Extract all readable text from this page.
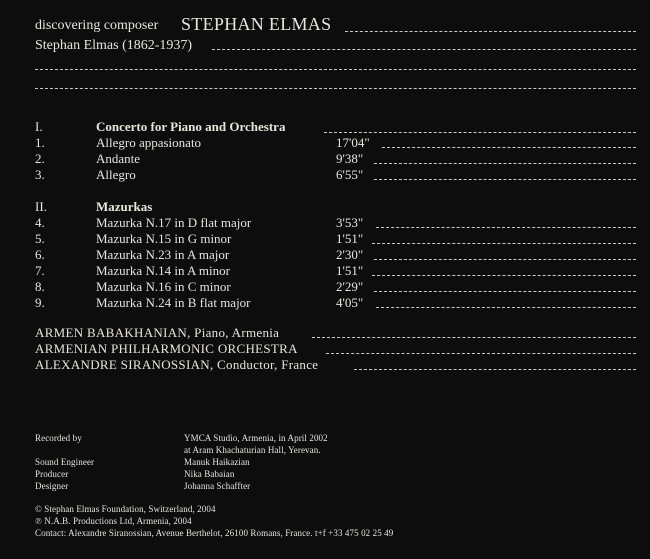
discovering composer STEPHAN ELMAS
Stephan Elmas (1862-1937)
I.	Concerto for Piano and Orchestra
1.	Allegro appasionato	17'04"
2.	Andante	9'38"
3.	Allegro	6'55"
II.	Mazurkas
4.	Mazurka N.17 in D flat major	3'53"
5.	Mazurka N.15 in G minor	1'51"
6.	Mazurka N.23 in A major	2'30"
7.	Mazurka N.14 in A minor	1'51"
8.	Mazurka N.16 in C minor	2'29"
9.	Mazurka N.24 in B flat major	4'05"
ARMEN BABAKHANIAN, Piano, Armenia
ARMENIAN PHILHARMONIC ORCHESTRA
ALEXANDRE SIRANOSSIAN, Conductor, France
Recorded by	YMCA Studio, Armenia, in April 2002
at Aram Khachaturian Hall, Yerevan.
Sound Engineer	Manuk Haikazian
Producer	Nika Babaian
Designer	Johanna Schaffter
© Stephan Elmas Foundation, Switzerland, 2004
℗ N.A.B. Productions Ltd, Armenia, 2004
Contact: Alexandre Siranossian, Avenue Berthelot, 26100 Romans, France. t+f +33 475 02 25 49
